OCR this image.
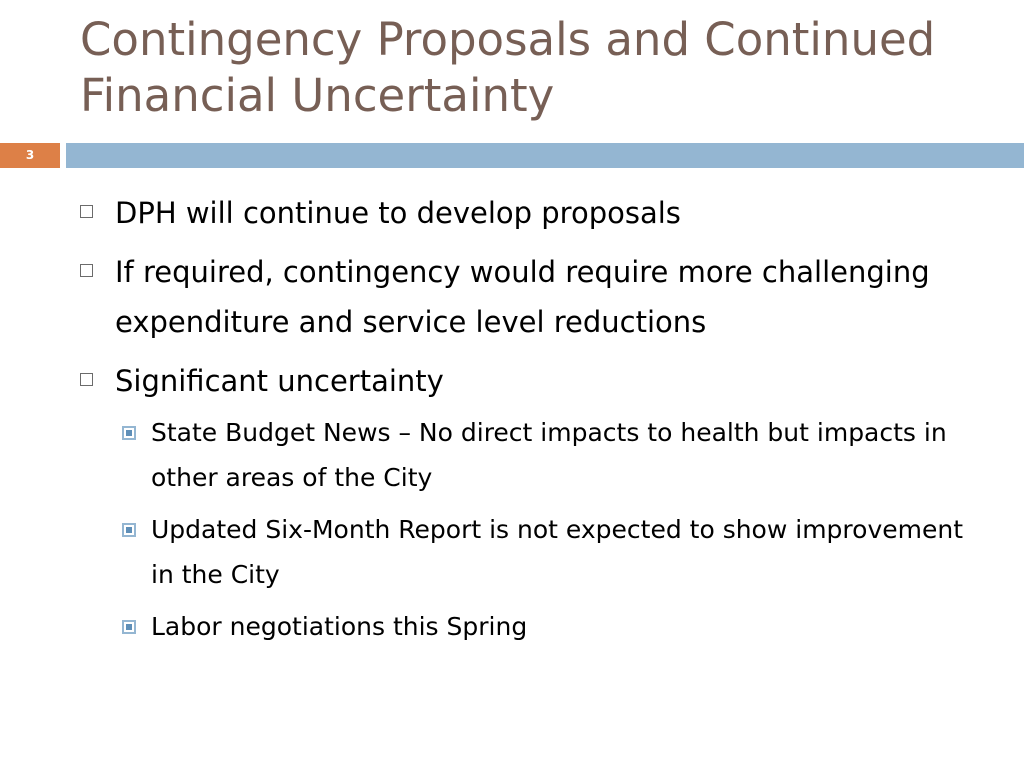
Contingency Proposals and Continued Financial Uncertainty
3
DPH will continue to develop proposals
If required, contingency would require more challenging expenditure and service level reductions
Significant uncertainty
State Budget News – No direct impacts to health but impacts in other areas of the City
Updated Six-Month Report is not expected to show improvement in the City
Labor negotiations this Spring
